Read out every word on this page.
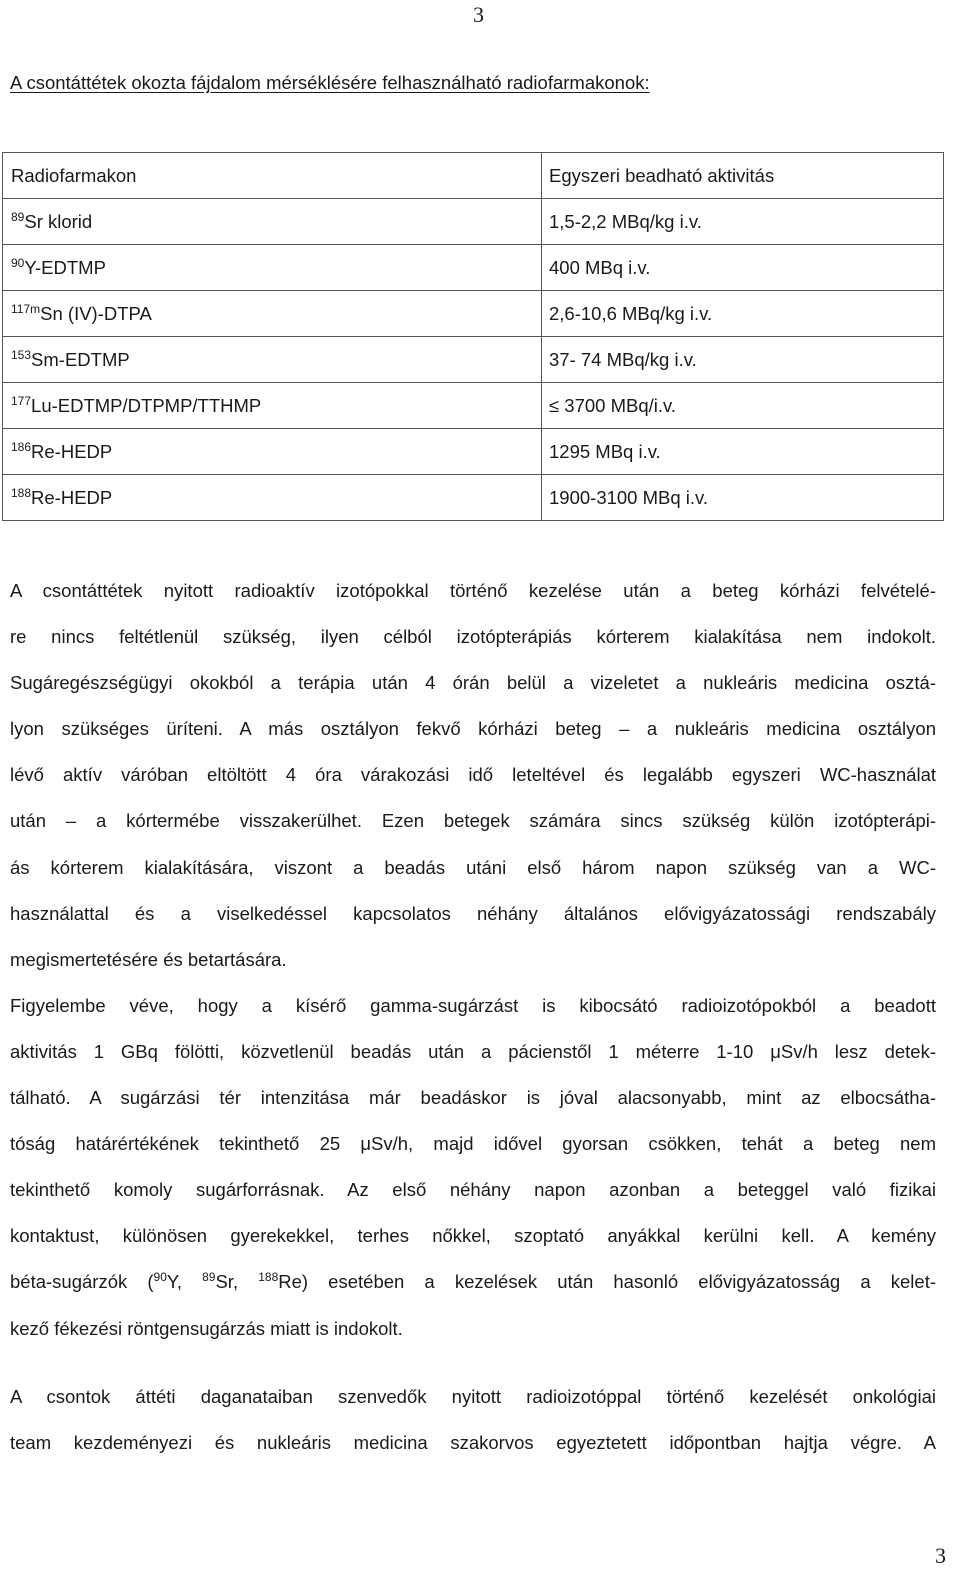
3
A csontáttétek okozta fájdalom mérséklésére felhasználható radiofarmakonok:
Radiofarmakon	Egyszeri beadható aktivitás
$^{89}$Sr klorid	1,5-2,2 MBq/kg i.v.
$^{90}$Y-EDTMP	400 MBq i.v.
$^{117m}$Sn (IV)-DTPA	2,6-10,6 MBq/kg i.v.
$^{153}$Sm-EDTMP	37- 74 MBq/kg i.v.
$^{177}$Lu-EDTMP/DTPMP/TTHMP	≤ 3700 MBq/i.v.
$^{186}$Re-HEDP	1295 MBq i.v.
$^{188}$Re-HEDP	1900-3100 MBq i.v.
A csontáttétek nyitott radioaktív izotópokkal történő kezelése után a beteg kórházi felvételé-
re nincs feltétlenül szükség, ilyen célból izotópterápiás kórterem kialakítása nem indokolt.
Sugáregészségügyi okokból a terápia után 4 órán belül a vizeletet a nukleáris medicina osztá-
lyon szükséges üríteni. A más osztályon fekvő kórházi beteg – a nukleáris medicina osztályon
lévő aktív váróban eltöltött 4 óra várakozási idő leteltével és legalább egyszeri WC-használat
után – a kórtermébe visszakerülhet. Ezen betegek számára sincs szükség külön izotópterápi-
ás kórterem kialakítására, viszont a beadás utáni első három napon szükség van a WC-
használattal és a viselkedéssel kapcsolatos néhány általános elővigyázatossági rendszabály
megismertetésére és betartására.
Figyelembe véve, hogy a kísérő gamma-sugárzást is kibocsátó radioizotópokból a beadott
aktivitás 1 GBq fölötti, közvetlenül beadás után a pácienstől 1 méterre 1-10 μSv/h lesz detek-
tálható. A sugárzási tér intenzitása már beadáskor is jóval alacsonyabb, mint az elbocsátha-
tóság határértékének tekinthető 25 μSv/h, majd idővel gyorsan csökken, tehát a beteg nem
tekinthető komoly sugárforrásnak. Az első néhány napon azonban a beteggel való fizikai
kontaktust, különösen gyerekekkel, terhes nőkkel, szoptató anyákkal kerülni kell. A kemény
béta-sugárzók ($^{90}$Y, $^{89}$Sr, $^{188}$Re) esetében a kezelések után hasonló elővigyázatosság a kelet-
kező fékezési röntgensugárzás miatt is indokolt.
A csontok áttéti daganataiban szenvedők nyitott radioizotóppal történő kezelését onkológiai
team kezdeményezi és nukleáris medicina szakorvos egyeztetett időpontban hajtja végre. A
3
